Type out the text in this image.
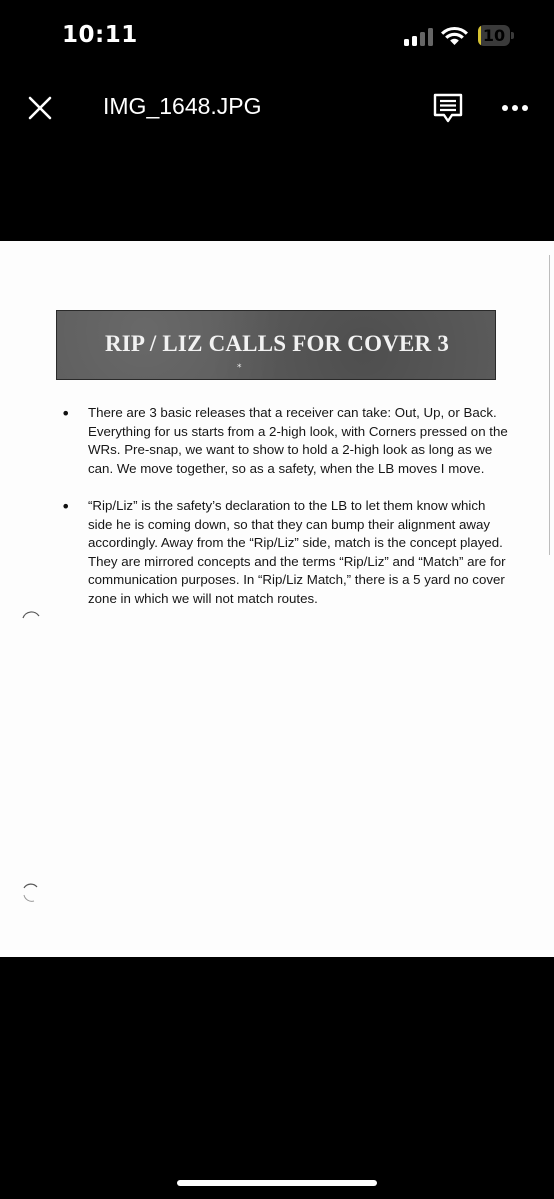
10:11	10
IMG_1648.JPG
RIP / LIZ CALLS FOR COVER 3
*
• There are 3 basic releases that a receiver can take: Out, Up, or Back.
Everything for us starts from a 2-high look, with Corners pressed on the
WRs. Pre-snap, we want to show to hold a 2-high look as long as we
can. We move together, so as a safety, when the LB moves I move.
• “Rip/Liz” is the safety’s declaration to the LB to let them know which
side he is coming down, so that they can bump their alignment away
accordingly. Away from the “Rip/Liz” side, match is the concept played.
They are mirrored concepts and the terms “Rip/Liz” and “Match” are for
communication purposes. In “Rip/Liz Match,” there is a 5 yard no cover
zone in which we will not match routes.
